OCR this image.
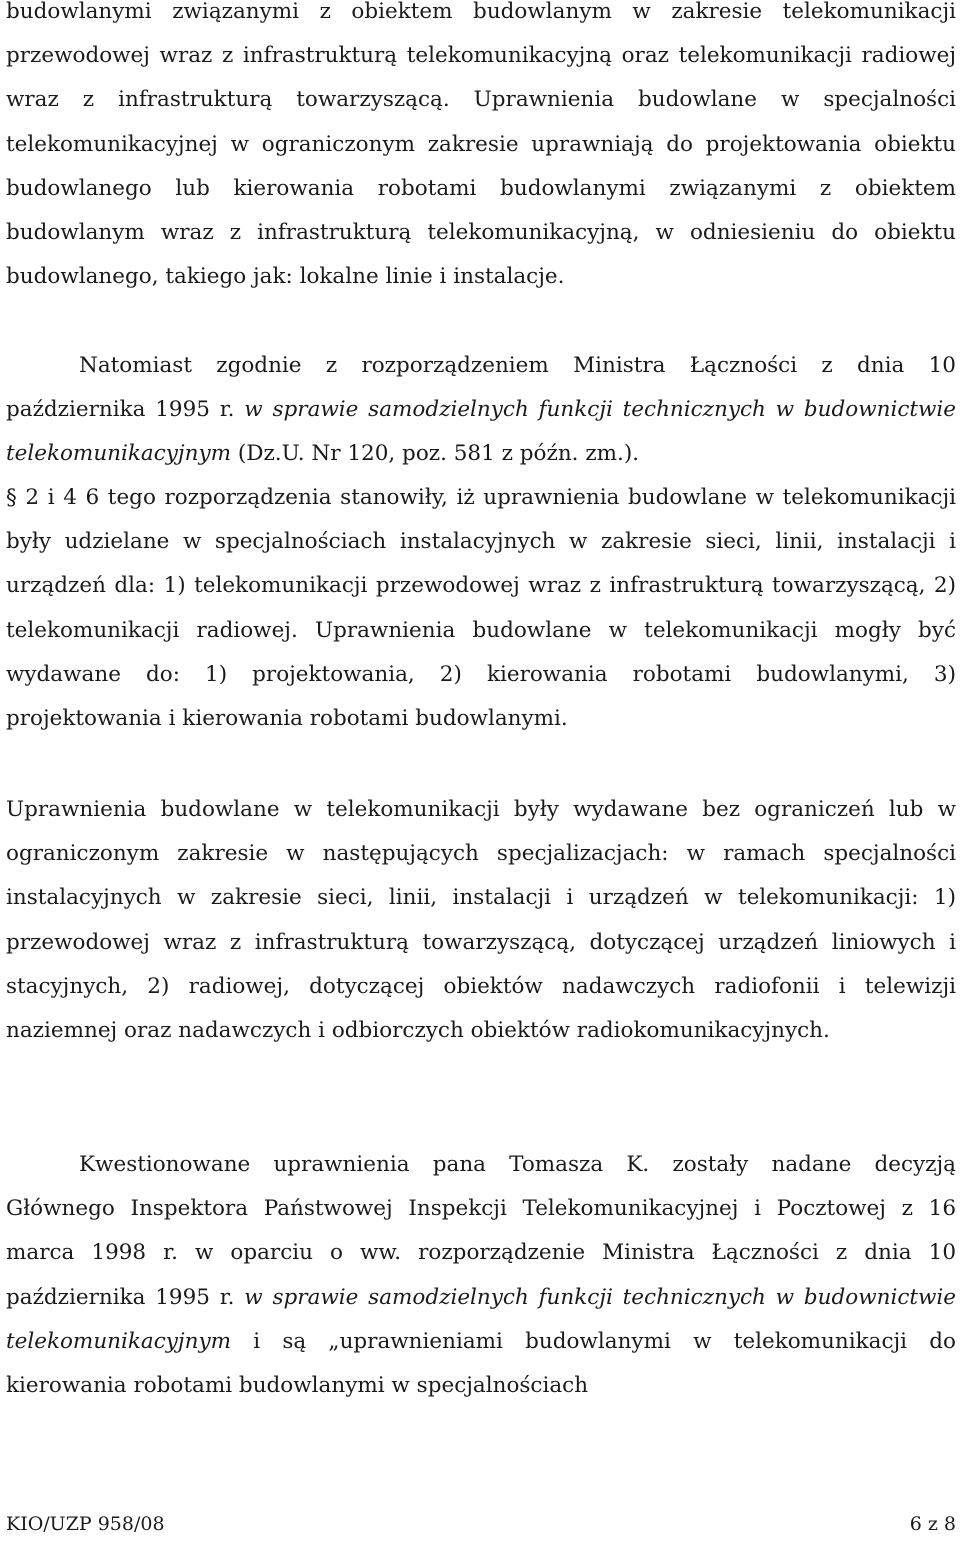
budowlanymi związanymi z obiektem budowlanym w zakresie telekomunikacji przewodowej wraz z infrastrukturą telekomunikacyjną oraz telekomunikacji radiowej wraz z infrastrukturą towarzyszącą. Uprawnienia budowlane w specjalności telekomunikacyjnej w ograniczonym zakresie uprawniają do projektowania obiektu budowlanego lub kierowania robotami budowlanymi związanymi z obiektem budowlanym wraz z infrastrukturą telekomunikacyjną, w odniesieniu do obiektu budowlanego, takiego jak: lokalne linie i instalacje.

Natomiast zgodnie z rozporządzeniem Ministra Łączności z dnia 10 października 1995 r. w sprawie samodzielnych funkcji technicznych w budownictwie telekomunikacyjnym (Dz.U. Nr 120, poz. 581 z późn. zm.).

§ 2 i 4 6 tego rozporządzenia stanowiły, iż uprawnienia budowlane w telekomunikacji były udzielane w specjalnościach instalacyjnych w zakresie sieci, linii, instalacji i urządzeń dla: 1) telekomunikacji przewodowej wraz z infrastrukturą towarzyszącą, 2) telekomunikacji radiowej. Uprawnienia budowlane w telekomunikacji mogły być wydawane do: 1) projektowania, 2) kierowania robotami budowlanymi, 3) projektowania i kierowania robotami budowlanymi.

Uprawnienia budowlane w telekomunikacji były wydawane bez ograniczeń lub w ograniczonym zakresie w następujących specjalizacjach: w ramach specjalności instalacyjnych w zakresie sieci, linii, instalacji i urządzeń w telekomunikacji: 1) przewodowej wraz z infrastrukturą towarzyszącą, dotyczącej urządzeń liniowych i stacyjnych, 2) radiowej, dotyczącej obiektów nadawczych radiofonii i telewizji naziemnej oraz nadawczych i odbiorczych obiektów radiokomunikacyjnych.

Kwestionowane uprawnienia pana Tomasza K. zostały nadane decyzją Głównego Inspektora Państwowej Inspekcji Telekomunikacyjnej i Pocztowej z 16 marca 1998 r. w oparciu o ww. rozporządzenie Ministra Łączności z dnia 10 października 1995 r. w sprawie samodzielnych funkcji technicznych w budownictwie telekomunikacyjnym i są „uprawnieniami budowlanymi w telekomunikacji do kierowania robotami budowlanymi w specjalnościach

KIO/UZP 958/08	6 z 8
